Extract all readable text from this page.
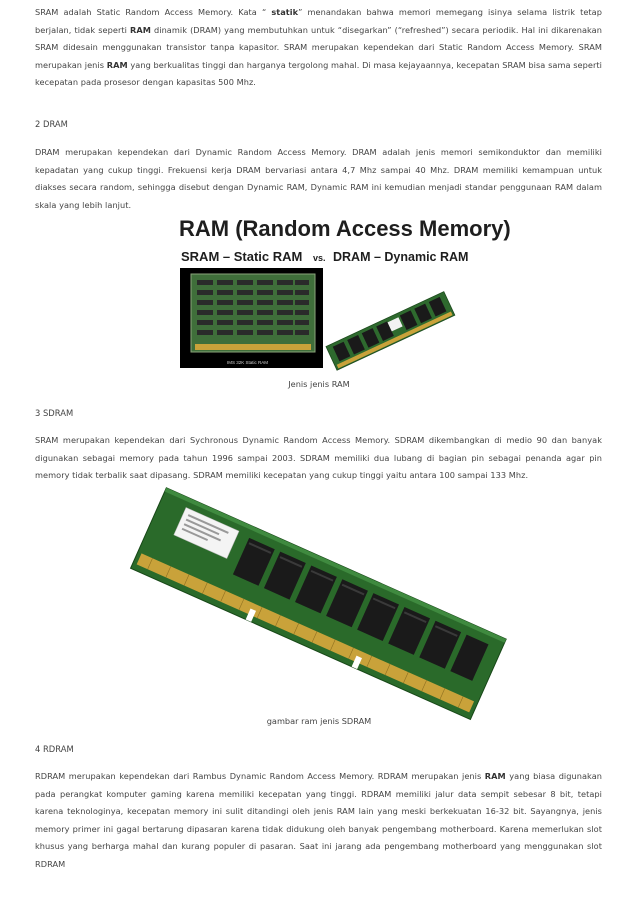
SRAM adalah Static Random Access Memory. Kata “ statik” menandakan bahwa memori memegang isinya selama listrik tetap berjalan, tidak seperti RAM dinamik (DRAM) yang membutuhkan untuk “disegarkan” (“refreshed”) secara periodik. Hal ini dikarenakan SRAM didesain menggunakan transistor tanpa kapasitor. SRAM merupakan kependekan dari Static Random Access Memory. SRAM merupakan jenis RAM yang berkualitas tinggi dan harganya tergolong mahal. Di masa kejayaannya, kecepatan SRAM bisa sama seperti kecepatan pada prosesor dengan kapasitas 500 Mhz.

2 DRAM

DRAM merupakan kependekan dari Dynamic Random Access Memory. DRAM adalah jenis memori semikonduktor dan memiliki kepadatan yang cukup tinggi. Frekuensi kerja DRAM bervariasi antara 4,7 Mhz sampai 40 Mhz. DRAM memiliki kemampuan untuk diakses secara random, sehingga disebut dengan Dynamic RAM, Dynamic RAM ini kemudian menjadi standar penggunaan RAM dalam skala yang lebih lanjut.

RAM (Random Access Memory)
SRAM – Static RAM vs. DRAM – Dynamic RAM
IMS 32K Static RAM

Jenis jenis RAM

3 SDRAM

SRAM merupakan kependekan dari Sychronous Dynamic Random Access Memory. SDRAM dikembangkan di medio 90 dan banyak digunakan sebagai memory pada tahun 1996 sampai 2003. SDRAM memiliki dua lubang di bagian pin sebagai penanda agar pin memory tidak terbalik saat dipasang. SDRAM memiliki kecepatan yang cukup tinggi yaitu antara 100 sampai 133 Mhz.

gambar ram jenis SDRAM

4 RDRAM

RDRAM merupakan kependekan dari Rambus Dynamic Random Access Memory. RDRAM merupakan jenis RAM yang biasa digunakan pada perangkat komputer gaming karena memiliki kecepatan yang tinggi. RDRAM memiliki jalur data sempit sebesar 8 bit, tetapi karena teknologinya, kecepatan memory ini sulit ditandingi oleh jenis RAM lain yang meski berkekuatan 16-32 bit. Sayangnya, jenis memory primer ini gagal bertarung dipasaran karena tidak didukung oleh banyak pengembang motherboard. Karena memerlukan slot khusus yang berharga mahal dan kurang populer di pasaran. Saat ini jarang ada pengembang motherboard yang menggunakan slot RDRAM
